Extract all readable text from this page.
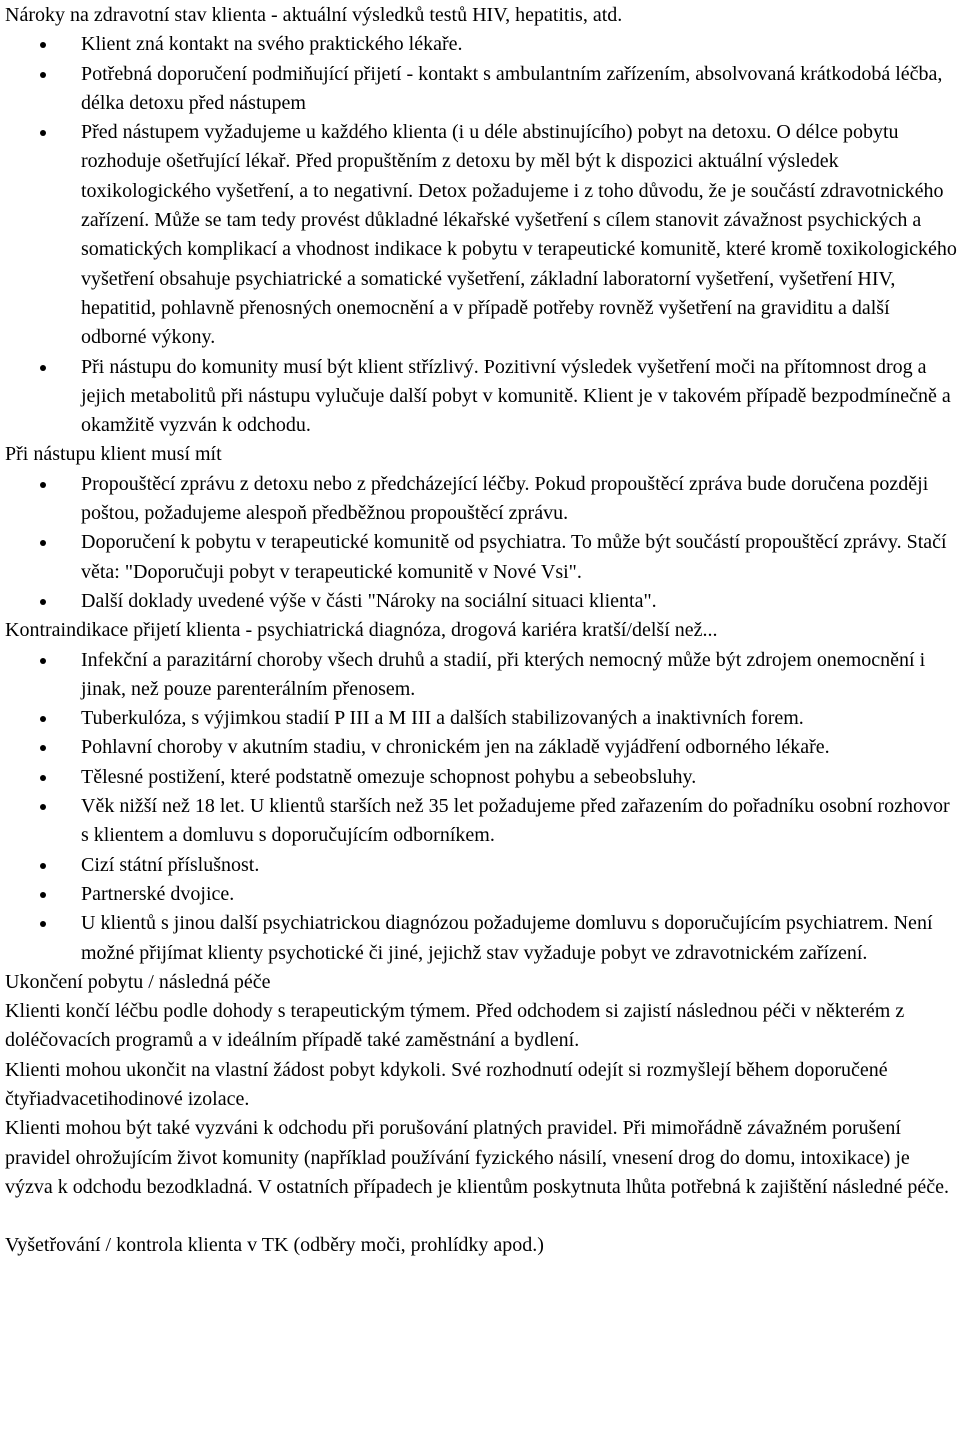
Nároky na zdravotní stav klienta - aktuální výsledků testů HIV, hepatitis, atd.

Klient zná kontakt na svého praktického lékaře.
Potřebná doporučení podmiňující přijetí - kontakt s ambulantním zařízením, absolvovaná krátkodobá léčba, délka detoxu před nástupem
Před nástupem vyžadujeme u každého klienta (i u déle abstinujícího) pobyt na detoxu. O délce pobytu rozhoduje ošetřující lékař. Před propuštěním z detoxu by měl být k dispozici aktuální výsledek toxikologického vyšetření, a to negativní. Detox požadujeme i z toho důvodu, že je součástí zdravotnického zařízení. Může se tam tedy provést důkladné lékařské vyšetření s cílem stanovit závažnost psychických a somatických komplikací a vhodnost indikace k pobytu v terapeutické komunitě, které kromě toxikologického vyšetření obsahuje psychiatrické a somatické vyšetření, základní laboratorní vyšetření, vyšetření HIV, hepatitid, pohlavně přenosných onemocnění a v případě potřeby rovněž vyšetření na graviditu a další odborné výkony.
Při nástupu do komunity musí být klient střízlivý. Pozitivní výsledek vyšetření moči na přítomnost drog a jejich metabolitů při nástupu vylučuje další pobyt v komunitě. Klient je v takovém případě bezpodmínečně a okamžitě vyzván k odchodu.

Při nástupu klient musí mít

Propouštěcí zprávu z detoxu nebo z předcházející léčby. Pokud propouštěcí zpráva bude doručena později poštou, požadujeme alespoň předběžnou propouštěcí zprávu.
Doporučení k pobytu v terapeutické komunitě od psychiatra. To může být součástí propouštěcí zprávy. Stačí věta: "Doporučuji pobyt v terapeutické komunitě v Nové Vsi".
Další doklady uvedené výše v části "Nároky na sociální situaci klienta".

Kontraindikace přijetí klienta - psychiatrická diagnóza, drogová kariéra kratší/delší než...

Infekční a parazitární choroby všech druhů a stadií, při kterých nemocný může být zdrojem onemocnění i jinak, než pouze parenterálním přenosem.
Tuberkulóza, s výjimkou stadií P III a M III a dalších stabilizovaných a inaktivních forem.
Pohlavní choroby v akutním stadiu, v chronickém jen na základě vyjádření odborného lékaře.
Tělesné postižení, které podstatně omezuje schopnost pohybu a sebeobsluhy.
Věk nižší než 18 let. U klientů starších než 35 let požadujeme před zařazením do pořadníku osobní rozhovor s klientem a domluvu s doporučujícím odborníkem.
Cizí státní příslušnost.
Partnerské dvojice.
U klientů s jinou další psychiatrickou diagnózou požadujeme domluvu s doporučujícím psychiatrem. Není možné přijímat klienty psychotické či jiné, jejichž stav vyžaduje pobyt ve zdravotnickém zařízení.

Ukončení pobytu / následná péče

Klienti končí léčbu podle dohody s terapeutickým týmem. Před odchodem si zajistí následnou péči v některém z doléčovacích programů a v ideálním případě také zaměstnání a bydlení.

Klienti mohou ukončit na vlastní žádost pobyt kdykoli. Své rozhodnutí odejít si rozmyšlejí během doporučené čtyřiadvacetihodinové izolace.

Klienti mohou být také vyzváni k odchodu při porušování platných pravidel. Při mimořádně závažném porušení pravidel ohrožujícím život komunity (například používání fyzického násilí, vnesení drog do domu, intoxikace) je výzva k odchodu bezodkladná. V ostatních případech je klientům poskytnuta lhůta potřebná k zajištění následné péče.

Vyšetřování / kontrola klienta v TK (odběry moči, prohlídky apod.)
